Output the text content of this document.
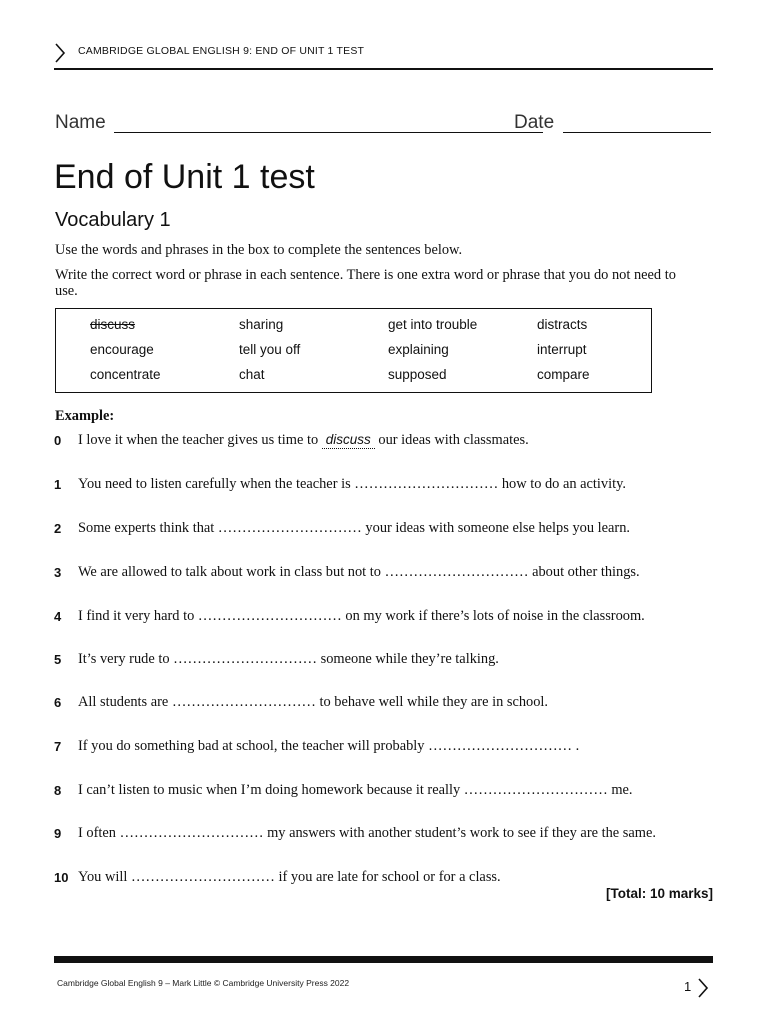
CAMBRIDGE GLOBAL ENGLISH 9: END OF UNIT 1 TEST
Name	Date
End of Unit 1 test
Vocabulary 1
Use the words and phrases in the box to complete the sentences below.
Write the correct word or phrase in each sentence. There is one extra word or phrase that you do not need to use.
discuss	sharing	get into trouble	distracts
encourage	tell you off	explaining	interrupt
concentrate	chat	supposed	compare
Example:
0 I love it when the teacher gives us time to discuss our ideas with classmates.
1 You need to listen carefully when the teacher is ………………………… how to do an activity.
2 Some experts think that ………………………… your ideas with someone else helps you learn.
3 We are allowed to talk about work in class but not to ………………………… about other things.
4 I find it very hard to ………………………… on my work if there’s lots of noise in the classroom.
5 It’s very rude to ………………………… someone while they’re talking.
6 All students are ………………………… to behave well while they are in school.
7 If you do something bad at school, the teacher will probably ………………………… .
8 I can’t listen to music when I’m doing homework because it really ………………………… me.
9 I often ………………………… my answers with another student’s work to see if they are the same.
10 You will ………………………… if you are late for school or for a class.
[Total: 10 marks]
Cambridge Global English 9 – Mark Little © Cambridge University Press 2022	1
